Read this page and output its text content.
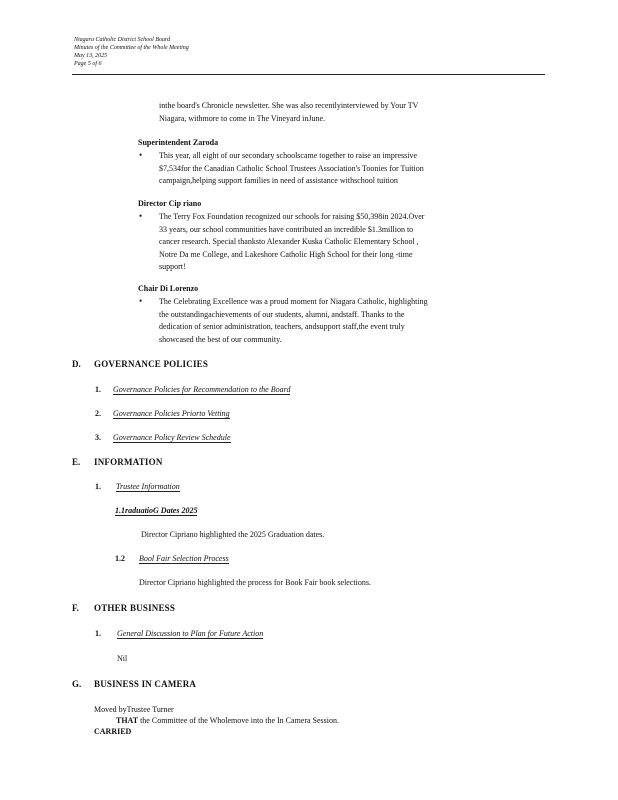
Niagara Catholic District School Board
Minutes of the Committee of the Whole Meeting
May 13, 2025
Page 5 of 6
inthe board's Chronicle newsletter. She was also recentlyinterviewed by Your TV
Niagara, withmore to come in The Vineyard inJune.
Superintendent Zaroda
• This year, all eight of our secondary schoolscame together to raise an impressive
$7,534for the Canadian Catholic School Trustees Association's Toonies for Tuition
campaign,helping support families in need of assistance withschool tuition
Director Cip riano
• The Terry Fox Foundation recognized our schools for raising $50,398in 2024.Over
33 years, our school communities have contributed an incredible $1.3million to
cancer research. Special thanksto Alexander Kuska Catholic Elementary School ,
Notre Da me College, and Lakeshore Catholic High School for their long -time
support!
Chair Di Lorenzo
• The Celebrating Excellence was a proud moment for Niagara Catholic, highlighting
the outstandingachievements of our students, alumni, andstaff. Thanks to the
dedication of senior administration, teachers, andsupport staff,the event truly
showcased the best of our community.
D. GOVERNANCE POLICIES
1. Governance Policies for Recommendation to the Board
2. Governance Policies Priorto Vetting
3. Governance Policy Review Schedule
E. INFORMATION
1. Trustee Information
1.1raduatioG Dates 2025
Director Cipriano highlighted the 2025 Graduation dates.
1.2 Bool Fair Selection Process
Director Cipriano highlighted the process for Book Fair book selections.
F. OTHER BUSINESS
1. General Discussion to Plan for Future Action
Nil
G. BUSINESS IN CAMERA
Moved byTrustee Turner
THAT the Committee of the Wholemove into the In Camera Session.
CARRIED
